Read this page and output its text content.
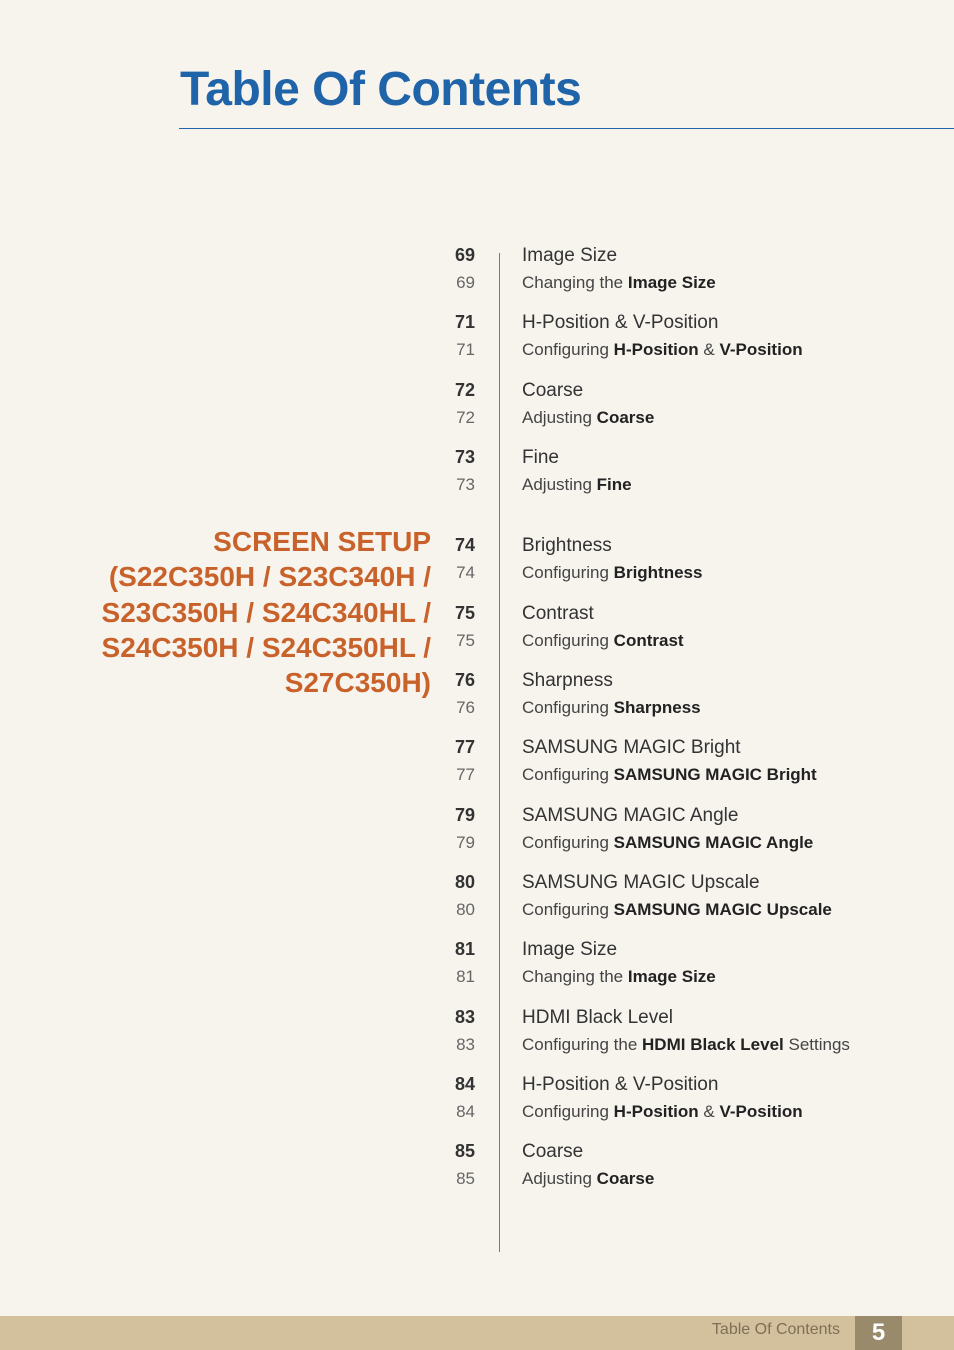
Table Of Contents
SCREEN SETUP
(S22C350H / S23C340H /
S23C350H / S24C340HL /
S24C350H / S24C350HL /
S27C350H)
69 Image Size
69	Changing the Image Size
71 H-Position & V-Position
71	Configuring H-Position & V-Position
72 Coarse
72	Adjusting Coarse
73 Fine
73	Adjusting Fine
74 Brightness
74	Configuring Brightness
75 Contrast
75	Configuring Contrast
76 Sharpness
76	Configuring Sharpness
77 SAMSUNG MAGIC Bright
77	Configuring SAMSUNG MAGIC Bright
79 SAMSUNG MAGIC Angle
79	Configuring SAMSUNG MAGIC Angle
80 SAMSUNG MAGIC Upscale
80	Configuring SAMSUNG MAGIC Upscale
81 Image Size
81	Changing the Image Size
83 HDMI Black Level
83	Configuring the HDMI Black Level Settings
84 H-Position & V-Position
84	Configuring H-Position & V-Position
85 Coarse
85	Adjusting Coarse
Table Of Contents	5
